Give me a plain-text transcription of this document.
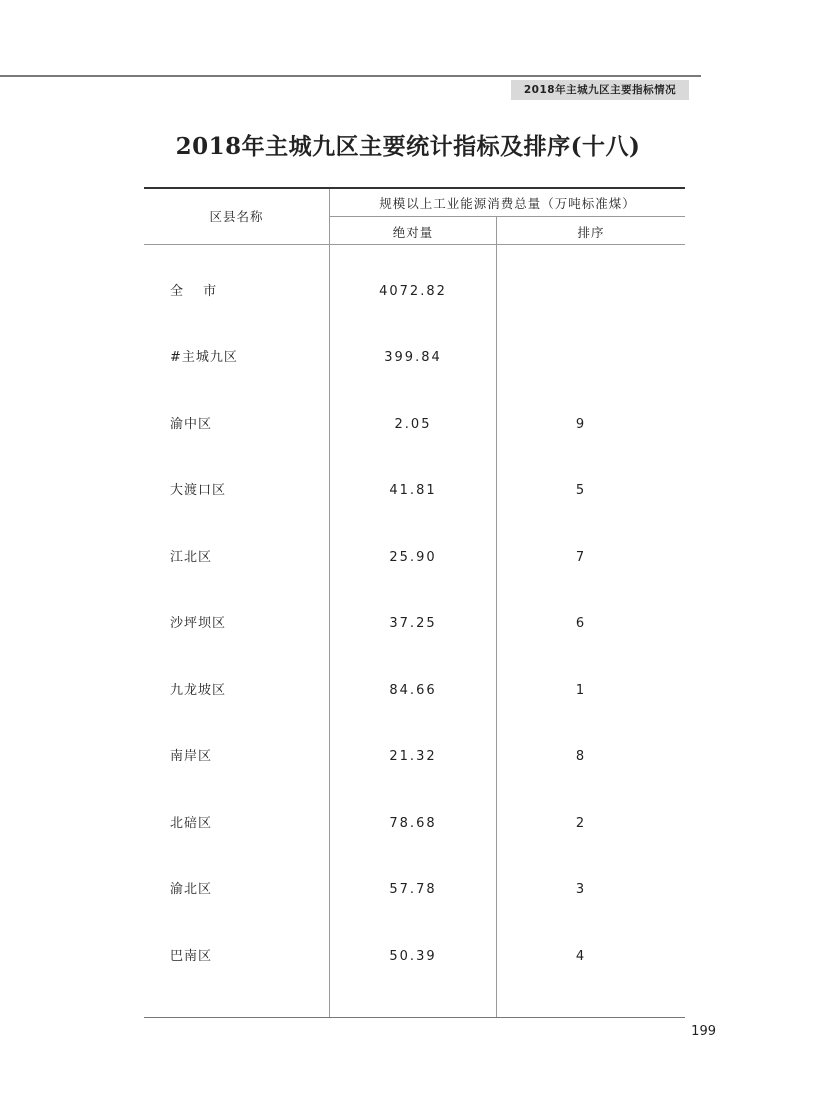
2018年主城九区主要指标情况
2018年主城九区主要统计指标及排序(十八)
区县名称
规模以上工业能源消费总量（万吨标准煤）
绝对量	排序
全　 市	4072.82
#主城九区	399.84
渝中区	2.05	9
大渡口区	41.81	5
江北区	25.90	7
沙坪坝区	37.25	6
九龙坡区	84.66	1
南岸区	21.32	8
北碚区	78.68	2
渝北区	57.78	3
巴南区	50.39	4
199
